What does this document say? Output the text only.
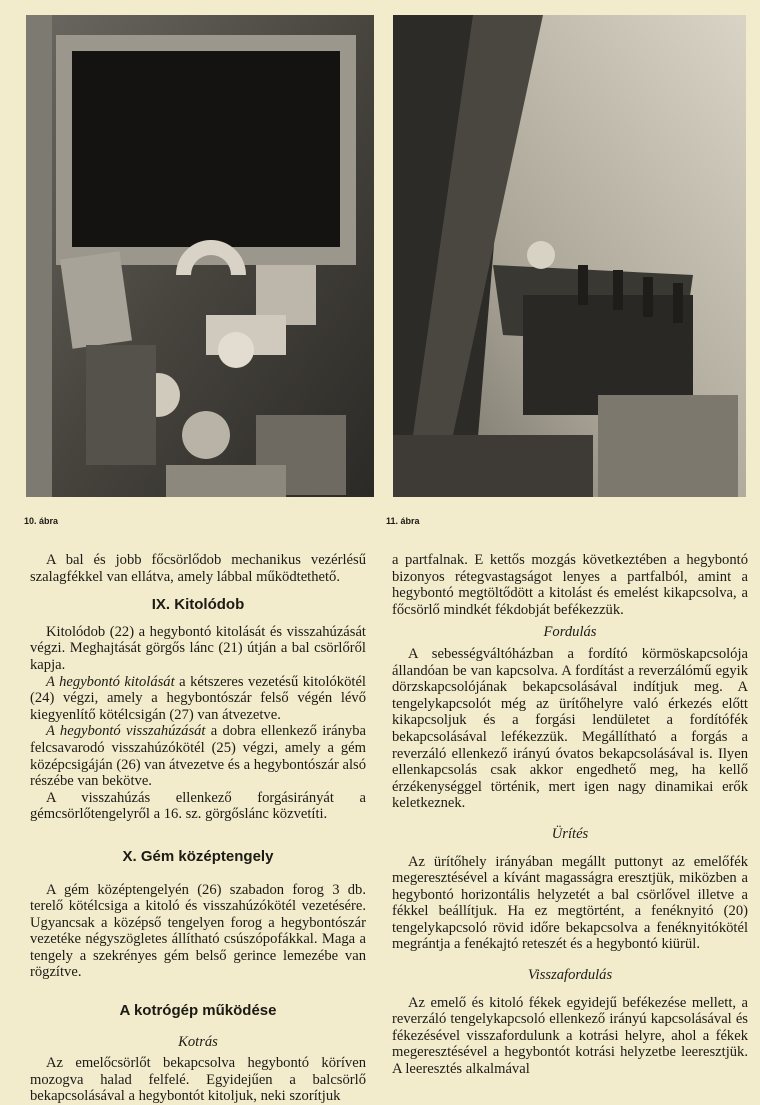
10. ábra	11. ábra

A bal és jobb főcsörlődob mechanikus vezérlésű szalagfékkel van ellátva, amely lábbal működtethető.

IX. Kitolódob

Kitolódob (22) a hegybontó kitolását és visszahúzását végzi. Meghajtását görgős lánc (21) útján a bal csörlőről kapja.

A hegybontó kitolását a kétszeres vezetésű kitolókötél (24) végzi, amely a hegybontószár felső végén lévő kiegyenlítő kötélcsigán (27) van átvezetve.

A hegybontó visszahúzását a dobra ellenkező irányba felcsavarodó visszahúzókötél (25) végzi, amely a gém középcsigáján (26) van átvezetve és a hegybontószár alsó részébe van bekötve.

A visszahúzás ellenkező forgásirányát a gémcsörlőtengelyről a 16. sz. görgőslánc közvetíti.

X. Gém középtengely

A gém középtengelyén (26) szabadon forog 3 db. terelő kötélcsiga a kitoló és visszahúzókötél vezetésére. Ugyancsak a középső tengelyen forog a hegybontószár vezetéke négyszögletes állítható csúszópofákkal. Maga a tengely a szekrényes gém belső gerince lemezébe van rögzítve.

A kotrógép működése
Kotrás

Az emelőcsörlőt bekapcsolva hegybontó köríven mozogva halad felfelé. Egyidejűen a balcsörlő bekapcsolásával a hegybontót kitoljuk, neki szorítjuk

a partfalnak. E kettős mozgás következtében a hegybontó bizonyos rétegvastagságot lenyes a partfalból, amint a hegybontó megtöltődött a kitolást és emelést kikapcsolva, a főcsörlő mindkét fékdobját befékezzük.

Fordulás

A sebességváltóházban a fordító körmöskapcsolója állandóan be van kapcsolva. A fordítást a reverzálómű egyik dörzskapcsolójának bekapcsolásával indítjuk meg. A tengelykapcsolót még az ürítőhelyre való érkezés előtt kikapcsoljuk és a forgási lendületet a fordítófék bekapcsolásával lefékezzük. Megállítható a forgás a reverzáló ellenkező irányú óvatos bekapcsolásával is. Ilyen ellenkapcsolás csak akkor engedhető meg, ha kellő érzékenységgel történik, mert igen nagy dinamikai erők keletkeznek.

Ürítés

Az ürítőhely irányában megállt puttonyt az emelőfék megeresztésével a kívánt magasságra eresztjük, miközben a hegybontó horizontális helyzetét a bal csörlővel illetve a fékkel beállítjuk. Ha ez megtörtént, a fenéknyitó (20) tengelykapcsoló rövid időre bekapcsolva a fenéknyitókötél megrántja a fenékajtó reteszét és a hegybontó kiürül.

Visszafordulás

Az emelő és kitoló fékek egyidejű befékezése mellett, a reverzáló tengelykapcsoló ellenkező irányú kapcsolásával és fékezésével visszafordulunk a kotrási helyre, ahol a fékek megeresztésével a hegybontót kotrási helyzetbe leeresztjük. A leeresztés alkalmával
